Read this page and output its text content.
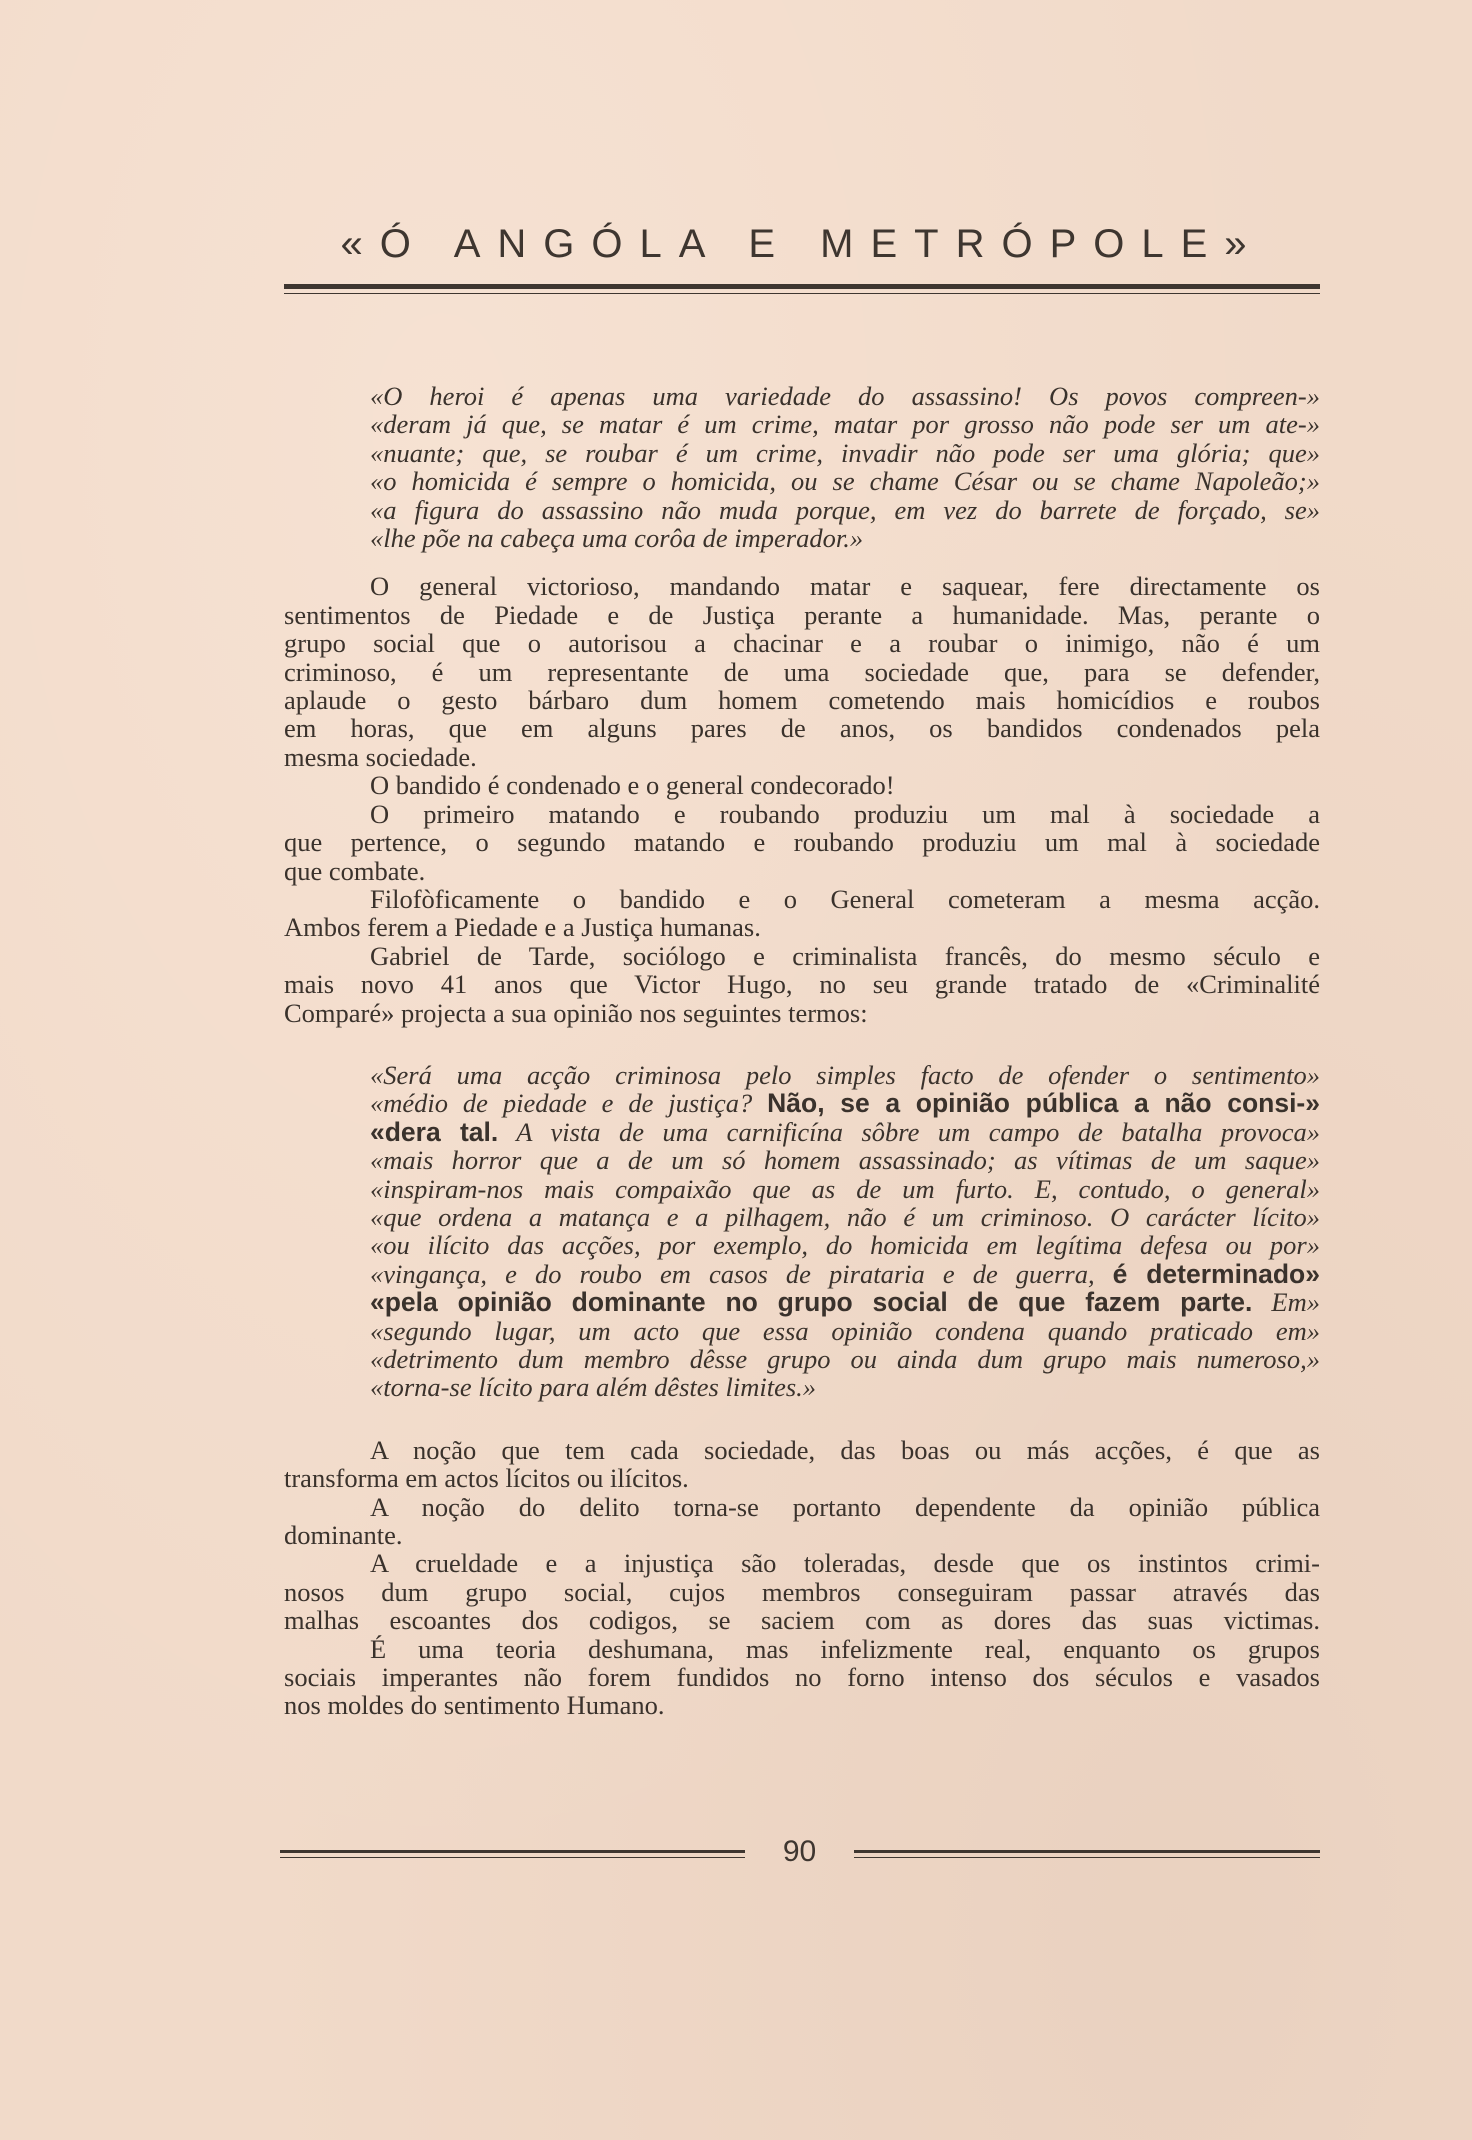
«Ó ANGÓLA E METRÓPOLE»
«O heroi é apenas uma variedade do assassino! Os povos compreen-»
«deram já que, se matar é um crime, matar por grosso não pode ser um ate-»
«nuante; que, se roubar é um crime, invadir não pode ser uma glória; que»
«o homicida é sempre o homicida, ou se chame César ou se chame Napoleão;»
«a figura do assassino não muda porque, em vez do barrete de forçado, se»
«lhe põe na cabeça uma corôa de imperador.»
O general victorioso, mandando matar e saquear, fere directamente os
sentimentos de Piedade e de Justiça perante a humanidade. Mas, perante o
grupo social que o autorisou a chacinar e a roubar o inimigo, não é um
criminoso, é um representante de uma sociedade que, para se defender,
aplaude o gesto bárbaro dum homem cometendo mais homicídios e roubos
em horas, que em alguns pares de anos, os bandidos condenados pela
mesma sociedade.
O bandido é condenado e o general condecorado!
O primeiro matando e roubando produziu um mal à sociedade a
que pertence, o segundo matando e roubando produziu um mal à sociedade
que combate.
Filofòficamente o bandido e o General cometeram a mesma acção.
Ambos ferem a Piedade e a Justiça humanas.
Gabriel de Tarde, sociólogo e criminalista francês, do mesmo século e
mais novo 41 anos que Victor Hugo, no seu grande tratado de «Criminalité
Comparé» projecta a sua opinião nos seguintes termos:
«Será uma acção criminosa pelo simples facto de ofender o sentimento»
«médio de piedade e de justiça? Não, se a opinião pública a não consi-»
«dera tal. A vista de uma carnificína sôbre um campo de batalha provoca»
«mais horror que a de um só homem assassinado; as vítimas de um saque»
«inspiram-nos mais compaixão que as de um furto. E, contudo, o general»
«que ordena a matança e a pilhagem, não é um criminoso. O carácter lícito»
«ou ilícito das acções, por exemplo, do homicida em legítima defesa ou por»
«vingança, e do roubo em casos de pirataria e de guerra, é determinado»
«pela opinião dominante no grupo social de que fazem parte. Em»
«segundo lugar, um acto que essa opinião condena quando praticado em»
«detrimento dum membro dêsse grupo ou ainda dum grupo mais numeroso,»
«torna-se lícito para além dêstes limites.»
A noção que tem cada sociedade, das boas ou más acções, é que as
transforma em actos lícitos ou ilícitos.
A noção do delito torna-se portanto dependente da opinião pública
dominante.
A crueldade e a injustiça são toleradas, desde que os instintos crimi-
nosos dum grupo social, cujos membros conseguiram passar através das
malhas escoantes dos codigos, se saciem com as dores das suas victimas.
É uma teoria deshumana, mas infelizmente real, enquanto os grupos
sociais imperantes não forem fundidos no forno intenso dos séculos e vasados
nos moldes do sentimento Humano.
90
